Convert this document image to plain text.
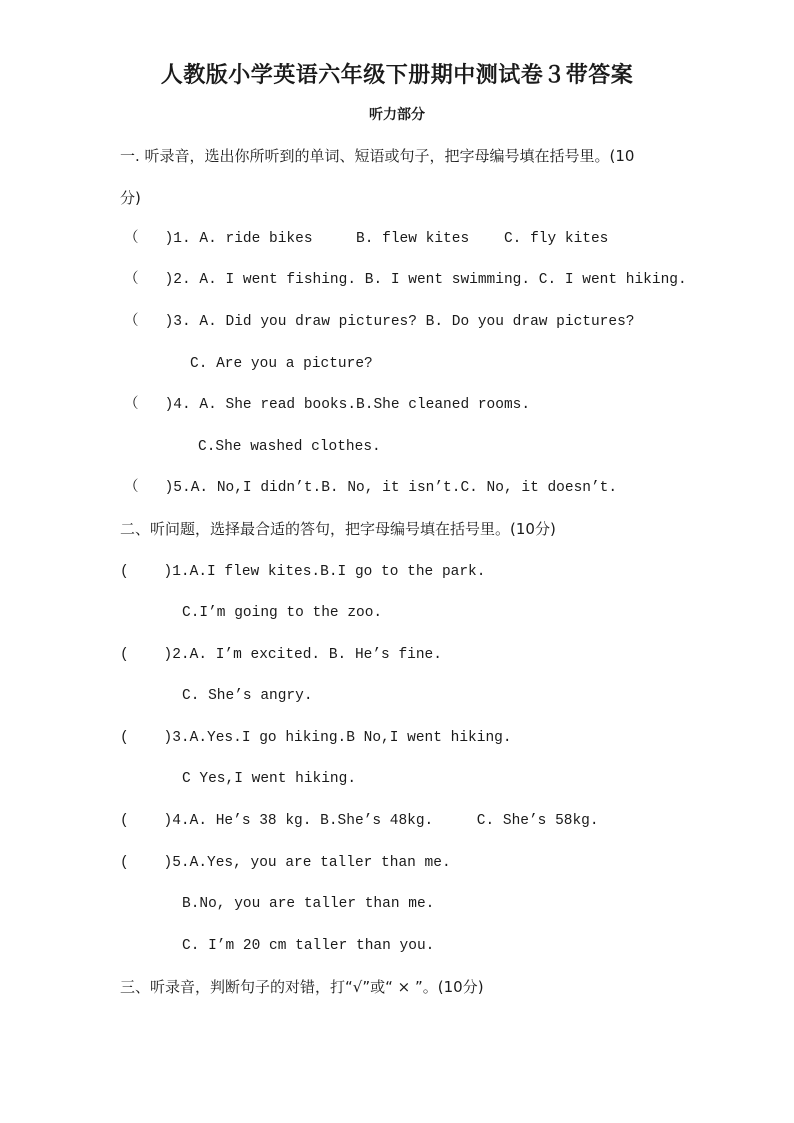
人教版小学英语六年级下册期中测试卷３带答案
听力部分
一. 听录音，选出你所听到的单词、短语或句子，把字母编号填在括号里。(10
分)
（   )1. A. ride bikes     B. flew kites    C. fly kites
（   )2. A. I went fishing. B. I went swimming. C. I went hiking.
（   )3. A. Did you draw pictures? B. Do you draw pictures?
C. Are you a picture?
（   )4. A. She read books.B.She cleaned rooms.
C.She washed clothes.
（   )5.A. No,I didn’t.B. No, it isn’t.C. No, it doesn’t.
二、听问题，选择最合适的答句，把字母编号填在括号里。(10分)
(    )1.A.I flew kites.B.I go to the park.
C.I’m going to the zoo.
(    )2.A. I’m excited. B. He’s fine.
C. She’s angry.
(    )3.A.Yes.I go hiking.B No,I went hiking.
C Yes,I went hiking.
(    )4.A. He’s 38 kg. B.She’s 48kg.     C. She’s 58kg.
(    )5.A.Yes, you are taller than me.
B.No, you are taller than me.
C. I’m 20 cm taller than you.
三、听录音，判断句子的对错，打“√”或“ × ”。(10分)
